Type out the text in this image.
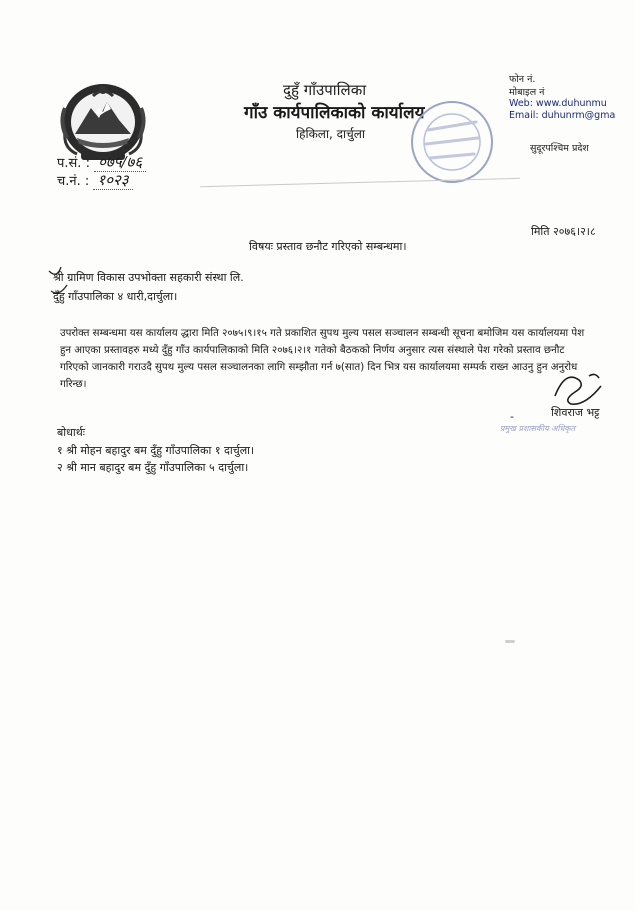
दुहुँ गाँउपालिका
गाँउ कार्यपालिकाको कार्यालय
हिकिला, दार्चुला
प.सं. : ०७५/७६
च.नं. : १०२३
फोन नं.
मोबाइल नं
Web: www.duhunmu
Email: duhunrm@gma
सुदूरपश्चिम प्रदेश
मिति २०७६।२।८
विषयः प्रस्ताव छनौट गरिएको सम्बन्धमा।
श्री ग्रामिण विकास उपभोक्ता सहकारी संस्था लि.
दुँहु गाँउपालिका ४ धारी,दार्चुला।
उपरोक्त सम्बन्धमा यस कार्यालय द्धारा मिति २०७५।९।१५ गते प्रकाशित सुपथ मुल्य पसल सञ्चालन सम्बन्धी सूचना बमोजिम यस कार्यालयमा पेश
हुन आएका प्रस्तावहरु मध्ये दुँहु गाँउ कार्यपालिकाको मिति २०७६।२।१ गतेको बैठकको निर्णय अनुसार त्यस संस्थाले पेश गरेको प्रस्ताव छनौट
गरिएको जानकारी गराउदै सुपथ मुल्य पसल सञ्चालनका लागि सम्झौता गर्न ७(सात) दिन भित्र यस कार्यालयमा सम्पर्क राख्न आउनु हुन अनुरोध
गरिन्छ।
-	शिवराज भट्ट
प्रमुख प्रशासकीय अधिकृत
बोधार्थः
१ श्री मोहन बहादुर बम दुँहु गाँउपालिका १ दार्चुला।
२ श्री मान बहादुर बम दुँहु गाँउपालिका ५ दार्चुला।
